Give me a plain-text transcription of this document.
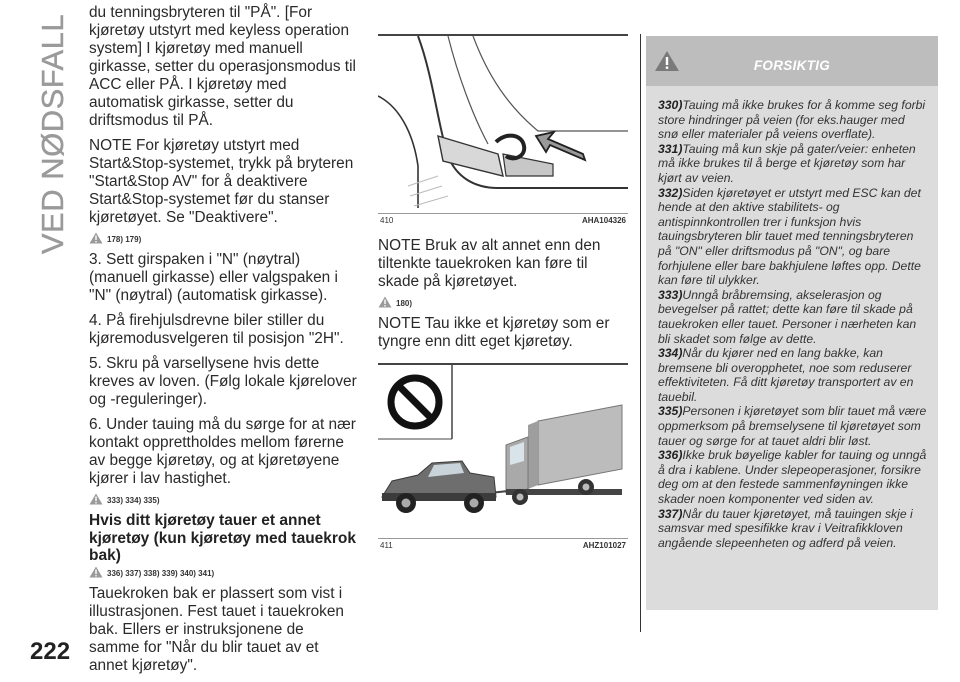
VED NØDSFALL
222

du tenningsbryteren til "PÅ". [For kjøretøy utstyrt med keyless operation system] I kjøretøy med manuell girkasse, setter du operasjonsmodus til ACC eller PÅ. I kjøretøy med automatisk girkasse, setter du driftsmodus til PÅ.

NOTE For kjøretøy utstyrt med Start&Stop-systemet, trykk på bryteren "Start&Stop AV" for å deaktivere Start&Stop-systemet før du stanser kjøretøyet. Se "Deaktivere".

178) 179)

3. Sett girspaken i "N" (nøytral) (manuell girkasse) eller valgspaken i "N" (nøytral) (automatisk girkasse).

4. På firehjulsdrevne biler stiller du kjøremodusvelgeren til posisjon "2H".

5. Skru på varsellysene hvis dette kreves av loven. (Følg lokale kjørelover og -reguleringer).

6. Under tauing må du sørge for at nær kontakt opprettholdes mellom førerne av begge kjøretøy, og at kjøretøyene kjører i lav hastighet.

333) 334) 335)
Hvis ditt kjøretøy tauer et annet kjøretøy (kun kjøretøy med tauekrok bak)
336) 337) 338) 339) 340) 341)

Tauekroken bak er plassert som vist i illustrasjonen. Fest tauet i tauekroken bak. Ellers er instruksjonene de samme for "Når du blir tauet av et annet kjøretøy".

410	AHA104326

NOTE Bruk av alt annet enn den tiltenkte tauekroken kan føre til skade på kjøretøyet.

180)

NOTE Tau ikke et kjøretøy som er tyngre enn ditt eget kjøretøy.

411	AHZ101027
FORSIKTIG

330)Tauing må ikke brukes for å komme seg forbi store hindringer på veien (for eks.hauger med snø eller materialer på veiens overflate).

331)Tauing må kun skje på gater/veier: enheten må ikke brukes til å berge et kjøretøy som har kjørt av veien.

332)Siden kjøretøyet er utstyrt med ESC kan det hende at den aktive stabilitets- og antispinnkontrollen trer i funksjon hvis tauingsbryteren blir tauet med tenningsbryteren på "ON" eller driftsmodus på "ON", og bare forhjulene eller bare bakhjulene løftes opp. Dette kan føre til ulykker.

333)Unngå bråbremsing, akselerasjon og bevegelser på rattet; dette kan føre til skade på tauekroken eller tauet. Personer i nærheten kan bli skadet som følge av dette.

334)Når du kjører ned en lang bakke, kan bremsene bli overopphetet, noe som reduserer effektiviteten. Få ditt kjøretøy transportert av en tauebil.

335)Personen i kjøretøyet som blir tauet må være oppmerksom på bremselysene til kjøretøyet som tauer og sørge for at tauet aldri blir løst.

336)Ikke bruk bøyelige kabler for tauing og unngå å dra i kablene. Under slepeoperasjoner, forsikre deg om at den festede sammenføyningen ikke skader noen komponenter ved siden av.

337)Når du tauer kjøretøyet, må tauingen skje i samsvar med spesifikke krav i Veitrafikkloven angående slepeenheten og adferd på veien.
